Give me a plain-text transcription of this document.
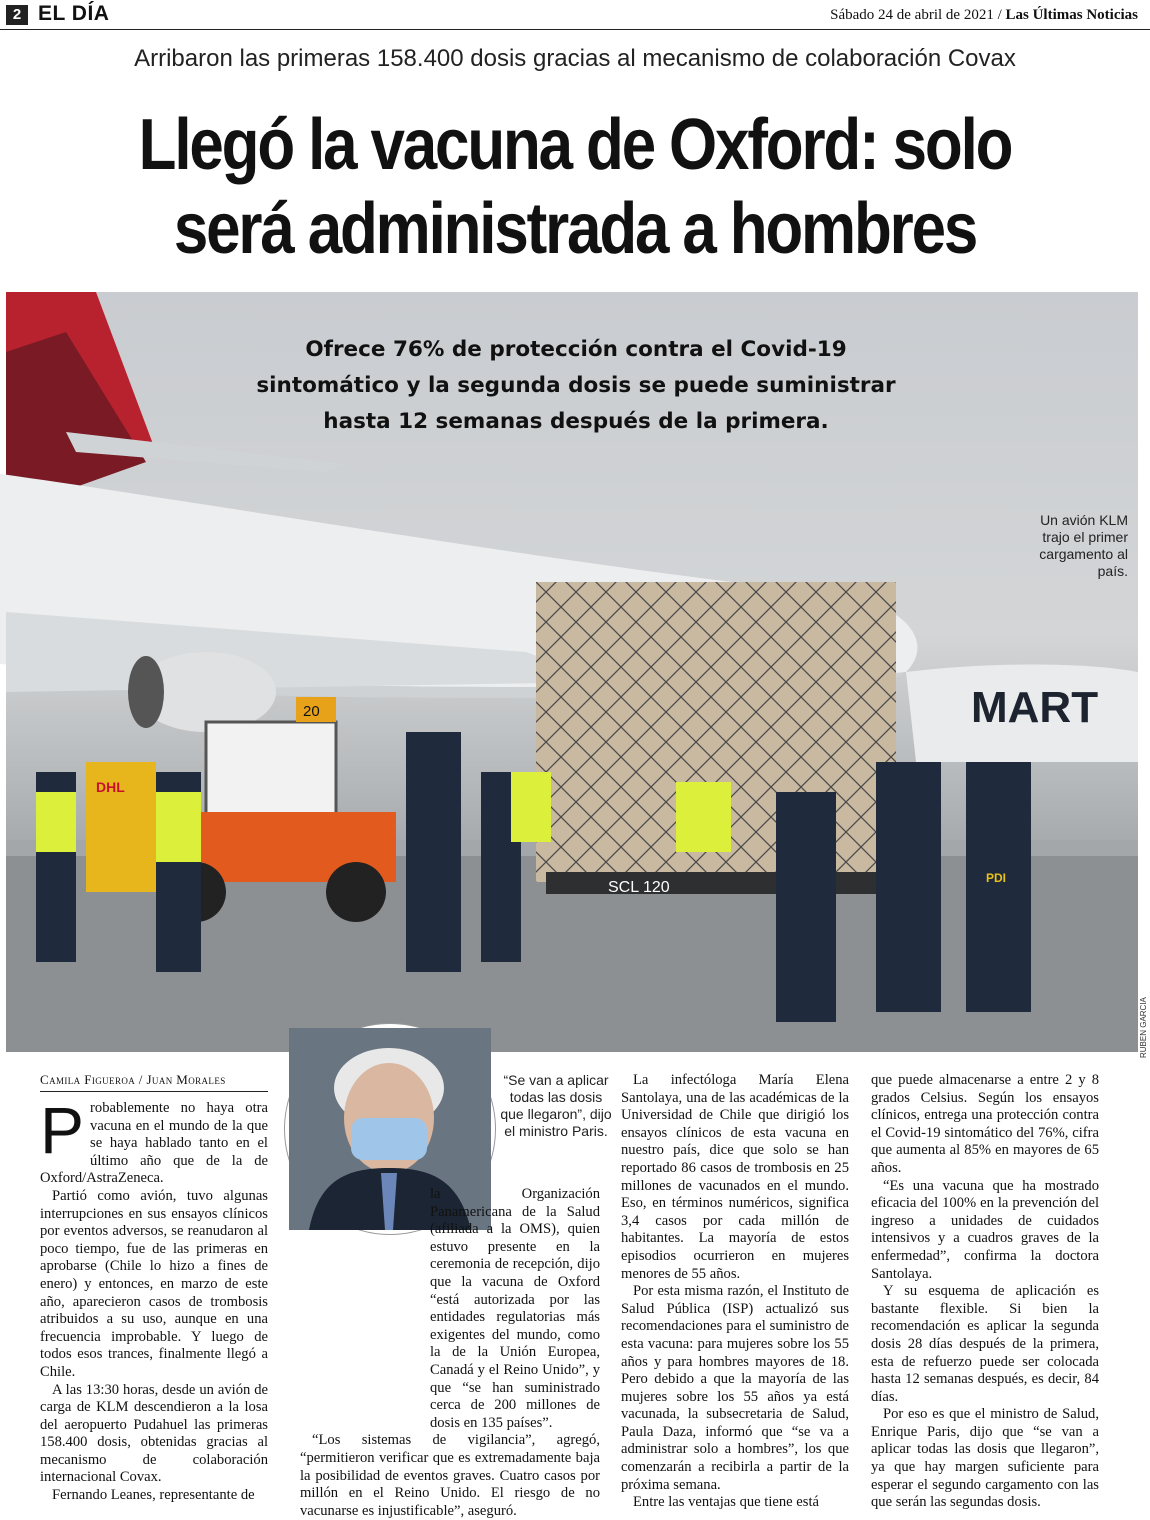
2 EL DÍA	Sábado 24 de abril de 2021 / Las Últimas Noticias
Arribaron las primeras 158.400 dosis gracias al mecanismo de colaboración Covax
Llegó la vacuna de Oxford: solo
será administrada a hombres
SCL 120
MART
20
DHL
PDI
Ofrece 76% de protección contra el Covid-19 sintomático y la segunda dosis se puede suministrar hasta 12 semanas después de la primera.
Un avión KLM trajo el primer cargamento al país.
RUBEN GARCIA
Camila Figueroa / Juan Morales	“Se van a aplicar todas las dosis que llegaron”, dijo el ministro Paris.

Probablemente no haya otra vacuna en el mundo de la que se haya hablado tanto en el último año que de la de Oxford/AstraZeneca.

Partió como avión, tuvo algunas interrupciones en sus ensayos clínicos por eventos adversos, se reanudaron al poco tiempo, fue de las primeras en aprobarse (Chile lo hizo a fines de enero) y entonces, en marzo de este año, aparecieron casos de trombosis atribuidos a su uso, aunque en una frecuencia improbable. Y luego de todos esos trances, finalmente llegó a Chile.

A las 13:30 horas, desde un avión de carga de KLM descendieron a la losa del aeropuerto Pudahuel las primeras 158.400 dosis, obtenidas gracias al mecanismo de colaboración internacional Covax.

Fernando Leanes, representante de

la Organización Panamericana de la Salud (afiliada a la OMS), quien estuvo presente en la ceremonia de recepción, dijo que la vacuna de Oxford “está autorizada por las entidades regulatorias más exigentes del mundo, como la de la Unión Europea, Canadá y el Reino Unido”, y que “se han suministrado cerca de 200 millones de dosis en 135 países”.

“Los sistemas de vigilancia”, agregó, “permitieron verificar que es extremadamente baja la posibilidad de eventos graves. Cuatro casos por millón en el Reino Unido. El riesgo de no vacunarse es injustificable”, aseguró.

La infectóloga María Elena Santolaya, una de las académicas de la Universidad de Chile que dirigió los ensayos clínicos de esta vacuna en nuestro país, dice que solo se han reportado 86 casos de trombosis en 25 millones de vacunados en el mundo. Eso, en términos numéricos, significa 3,4 casos por cada millón de habitantes. La mayoría de estos episodios ocurrieron en mujeres menores de 55 años.

Por esta misma razón, el Instituto de Salud Pública (ISP) actualizó sus recomendaciones para el suministro de esta vacuna: para mujeres sobre los 55 años y para hombres mayores de 18. Pero debido a que la mayoría de las mujeres sobre los 55 años ya está vacunada, la subsecretaria de Salud, Paula Daza, informó que “se va a administrar solo a hombres”, los que comenzarán a recibirla a partir de la próxima semana.

Entre las ventajas que tiene está

que puede almacenarse a entre 2 y 8 grados Celsius. Según los ensayos clínicos, entrega una protección contra el Covid-19 sintomático del 76%, cifra que aumenta al 85% en mayores de 65 años.

“Es una vacuna que ha mostrado eficacia del 100% en la prevención del ingreso a unidades de cuidados intensivos y a cuadros graves de la enfermedad”, confirma la doctora Santolaya.

Y su esquema de aplicación es bastante flexible. Si bien la recomendación es aplicar la segunda dosis 28 días después de la primera, esta de refuerzo puede ser colocada hasta 12 semanas después, es decir, 84 días.

Por eso es que el ministro de Salud, Enrique Paris, dijo que “se van a aplicar todas las dosis que llegaron”, ya que hay margen suficiente para esperar el segundo cargamento con las que serán las segundas dosis.
